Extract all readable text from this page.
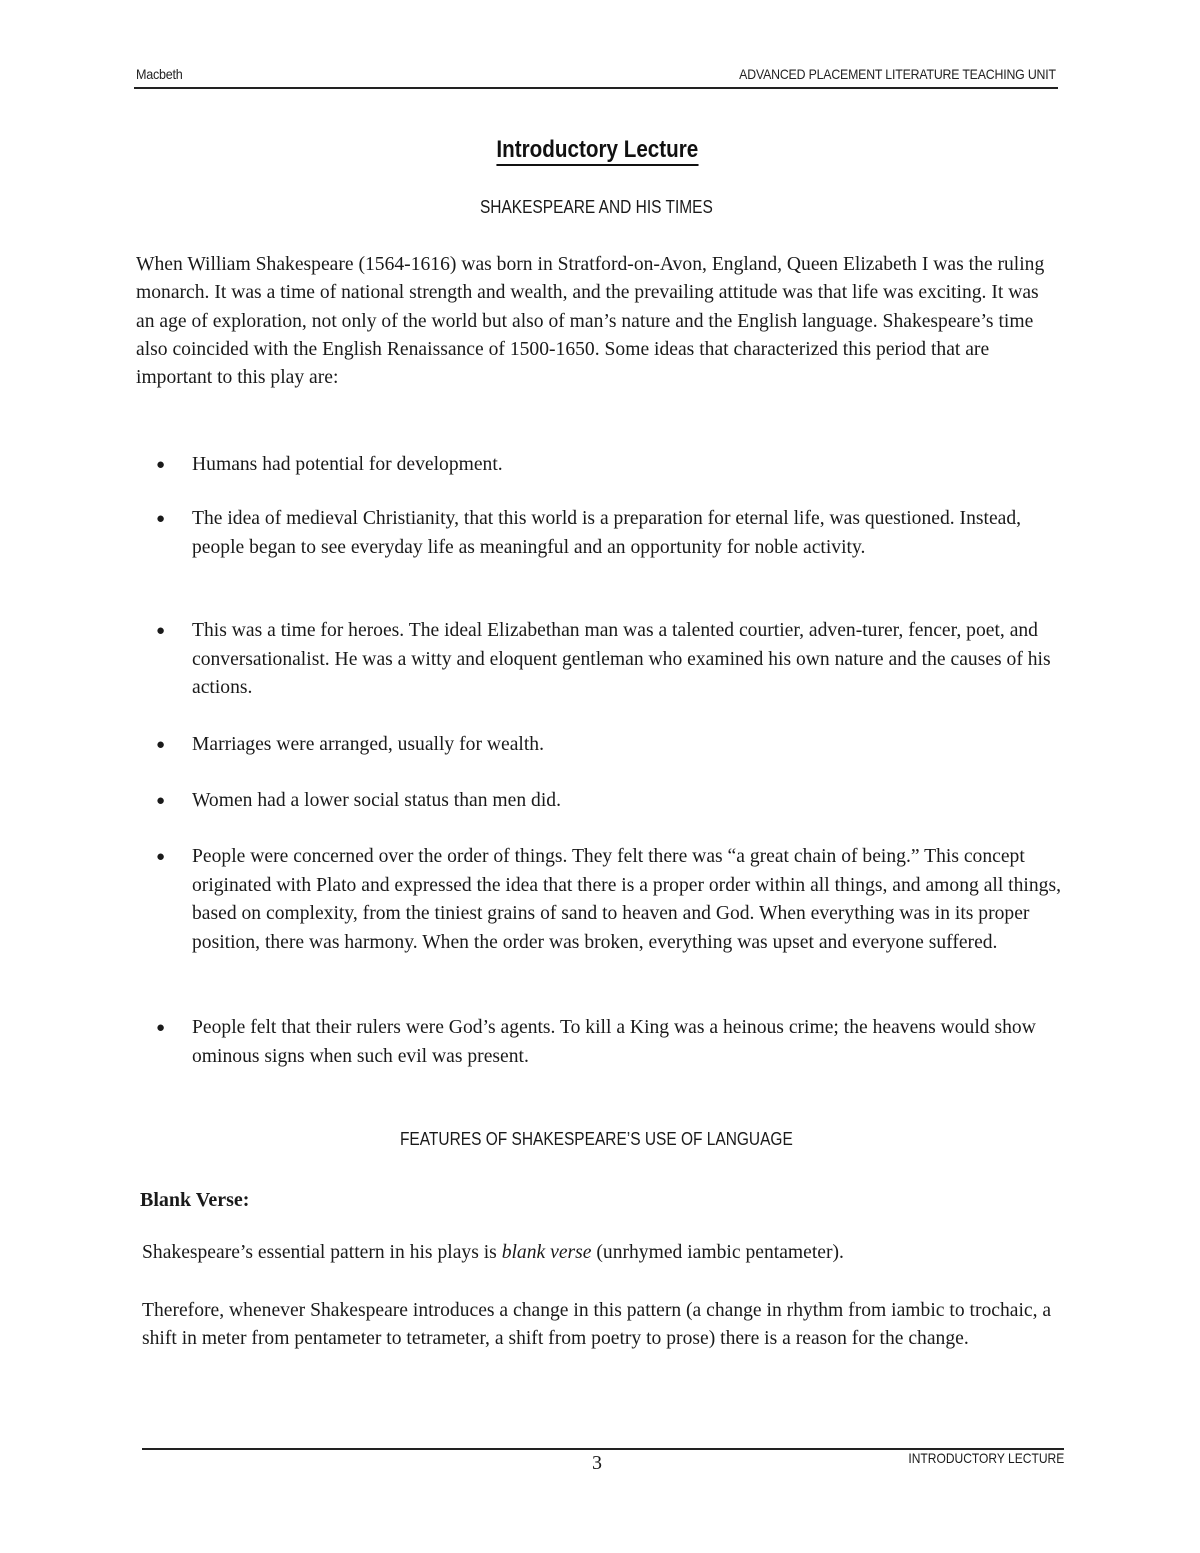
Macbeth	ADVANCED PLACEMENT LITERATURE TEACHING UNIT
Introductory Lecture
SHAKESPEARE AND HIS TIMES

When William Shakespeare (1564-1616) was born in Stratford-on-Avon, England, Queen Elizabeth I was the ruling monarch. It was a time of national strength and wealth, and the prevailing attitude was that life was exciting. It was an age of exploration, not only of the world but also of man’s nature and the English language. Shakespeare’s time also coincided with the English Renaissance of 1500-1650. Some ideas that characterized this period that are important to this play are:

● Humans had potential for development.
● The idea of medieval Christianity, that this world is a preparation for eternal life, was questioned. Instead, people began to see everyday life as meaningful and an opportunity for noble activity.
● This was a time for heroes. The ideal Elizabethan man was a talented courtier, adven-turer, fencer, poet, and conversationalist. He was a witty and eloquent gentleman who examined his own nature and the causes of his actions.
● Marriages were arranged, usually for wealth.
● Women had a lower social status than men did.
● People were concerned over the order of things. They felt there was “a great chain of being.” This concept originated with Plato and expressed the idea that there is a proper order within all things, and among all things, based on complexity, from the tiniest grains of sand to heaven and God. When everything was in its proper position, there was harmony. When the order was broken, everything was upset and everyone suffered.
● People felt that their rulers were God’s agents. To kill a King was a heinous crime; the heavens would show ominous signs when such evil was present.
FEATURES OF SHAKESPEARE’S USE OF LANGUAGE
Blank Verse:

Shakespeare’s essential pattern in his plays is blank verse (unrhymed iambic pentameter).

Therefore, whenever Shakespeare introduces a change in this pattern (a change in rhythm from iambic to trochaic, a shift in meter from pentameter to tetrameter, a shift from poetry to prose) there is a reason for the change.

3	INTRODUCTORY LECTURE
